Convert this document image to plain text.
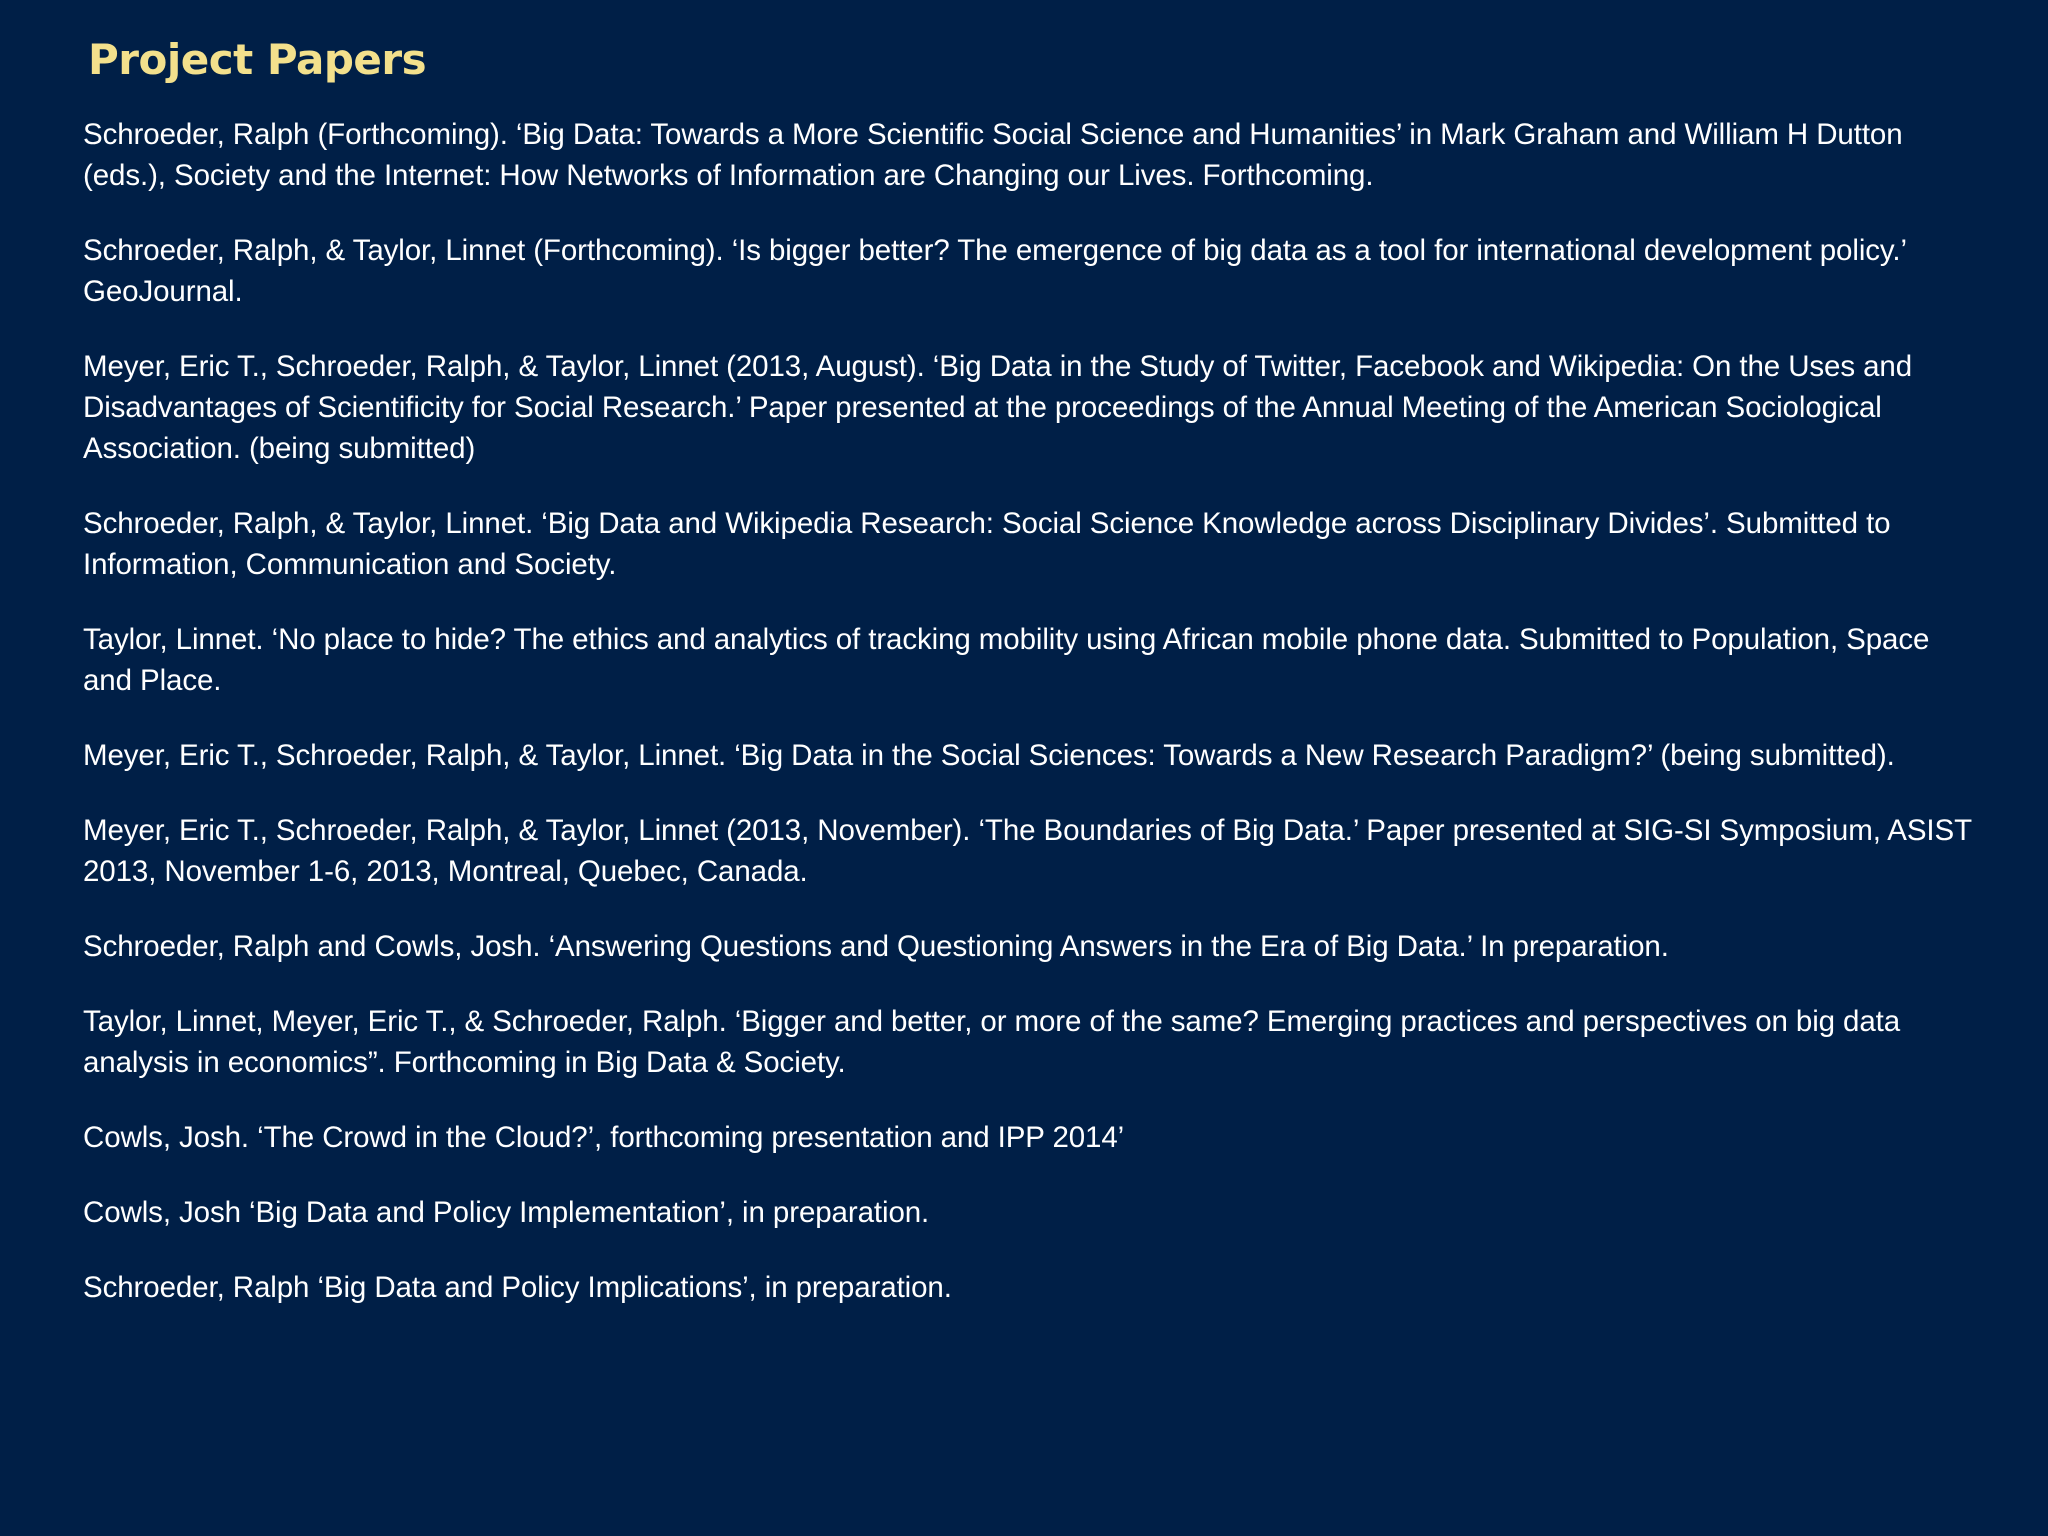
Project Papers
Schroeder, Ralph (Forthcoming). ‘Big Data: Towards a More Scientific Social Science and Humanities’ in Mark Graham and William H Dutton (eds.), Society and the Internet: How Networks of Information are Changing our Lives. Forthcoming.
Schroeder, Ralph, & Taylor, Linnet (Forthcoming). ‘Is bigger better? The emergence of big data as a tool for international development policy.’ GeoJournal.
Meyer, Eric T., Schroeder, Ralph, & Taylor, Linnet (2013, August). ‘Big Data in the Study of Twitter, Facebook and Wikipedia: On the Uses and Disadvantages of Scientificity for Social Research.’ Paper presented at the proceedings of the Annual Meeting of the American Sociological Association. (being submitted)
Schroeder, Ralph, & Taylor, Linnet. ‘Big Data and Wikipedia Research: Social Science Knowledge across Disciplinary Divides’. Submitted to Information, Communication and Society.
Taylor, Linnet. ‘No place to hide? The ethics and analytics of tracking mobility using African mobile phone data. Submitted to Population, Space and Place.
Meyer, Eric T., Schroeder, Ralph, & Taylor, Linnet. ‘Big Data in the Social Sciences: Towards a New Research Paradigm?’ (being submitted).
Meyer, Eric T., Schroeder, Ralph, & Taylor, Linnet (2013, November). ‘The Boundaries of Big Data.’ Paper presented at SIG-SI Symposium, ASIST 2013, November 1-6, 2013, Montreal, Quebec, Canada.
Schroeder, Ralph and Cowls, Josh. ‘Answering Questions and Questioning Answers in the Era of Big Data.’ In preparation.
Taylor, Linnet, Meyer, Eric T., & Schroeder, Ralph. ‘Bigger and better, or more of the same? Emerging practices and perspectives on big data analysis in economics”. Forthcoming in Big Data & Society.
Cowls, Josh. ‘The Crowd in the Cloud?’, forthcoming presentation and IPP 2014’
Cowls, Josh ‘Big Data and Policy Implementation’, in preparation.
Schroeder, Ralph ‘Big Data and Policy Implications’, in preparation.
